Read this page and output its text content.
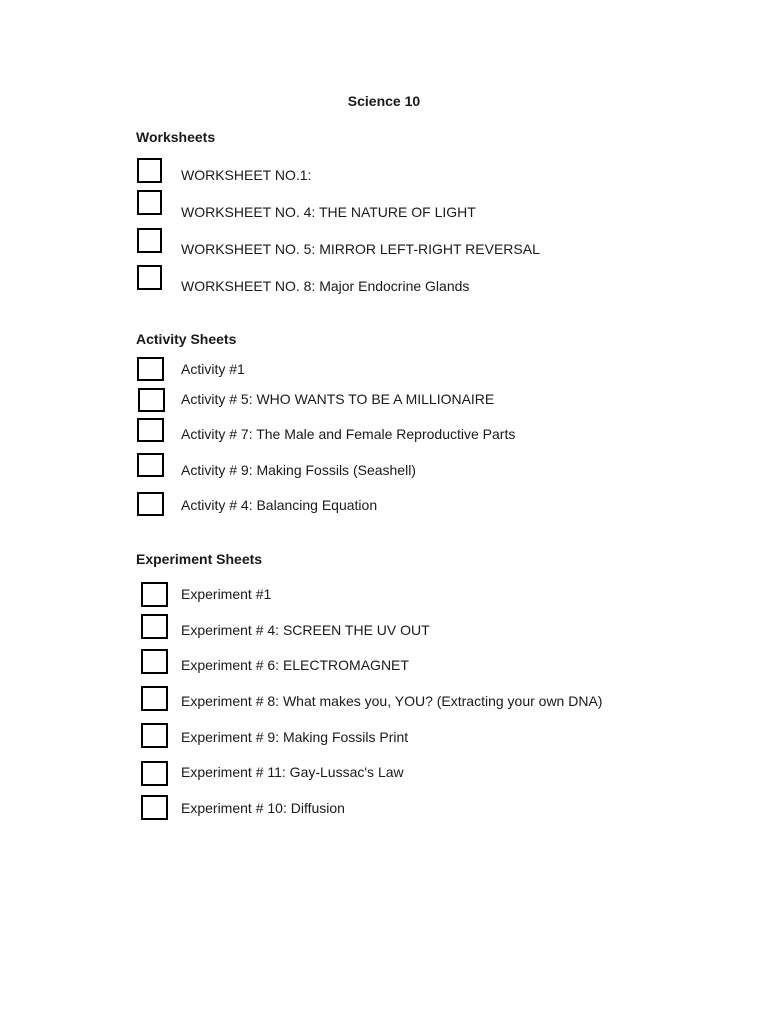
Science 10
Worksheets
WORKSHEET NO.1:
WORKSHEET NO. 4: THE NATURE OF LIGHT
WORKSHEET NO. 5: MIRROR LEFT-RIGHT REVERSAL
WORKSHEET NO. 8: Major Endocrine Glands
Activity Sheets
Activity #1
Activity # 5: WHO WANTS TO BE A MILLIONAIRE
Activity # 7: The Male and Female Reproductive Parts
Activity # 9: Making Fossils (Seashell)
Activity # 4: Balancing Equation
Experiment Sheets
Experiment #1
Experiment # 4: SCREEN THE UV OUT
Experiment # 6: ELECTROMAGNET
Experiment # 8: What makes you, YOU? (Extracting your own DNA)
Experiment # 9: Making Fossils Print
Experiment # 11: Gay-Lussac's Law
Experiment # 10: Diffusion
